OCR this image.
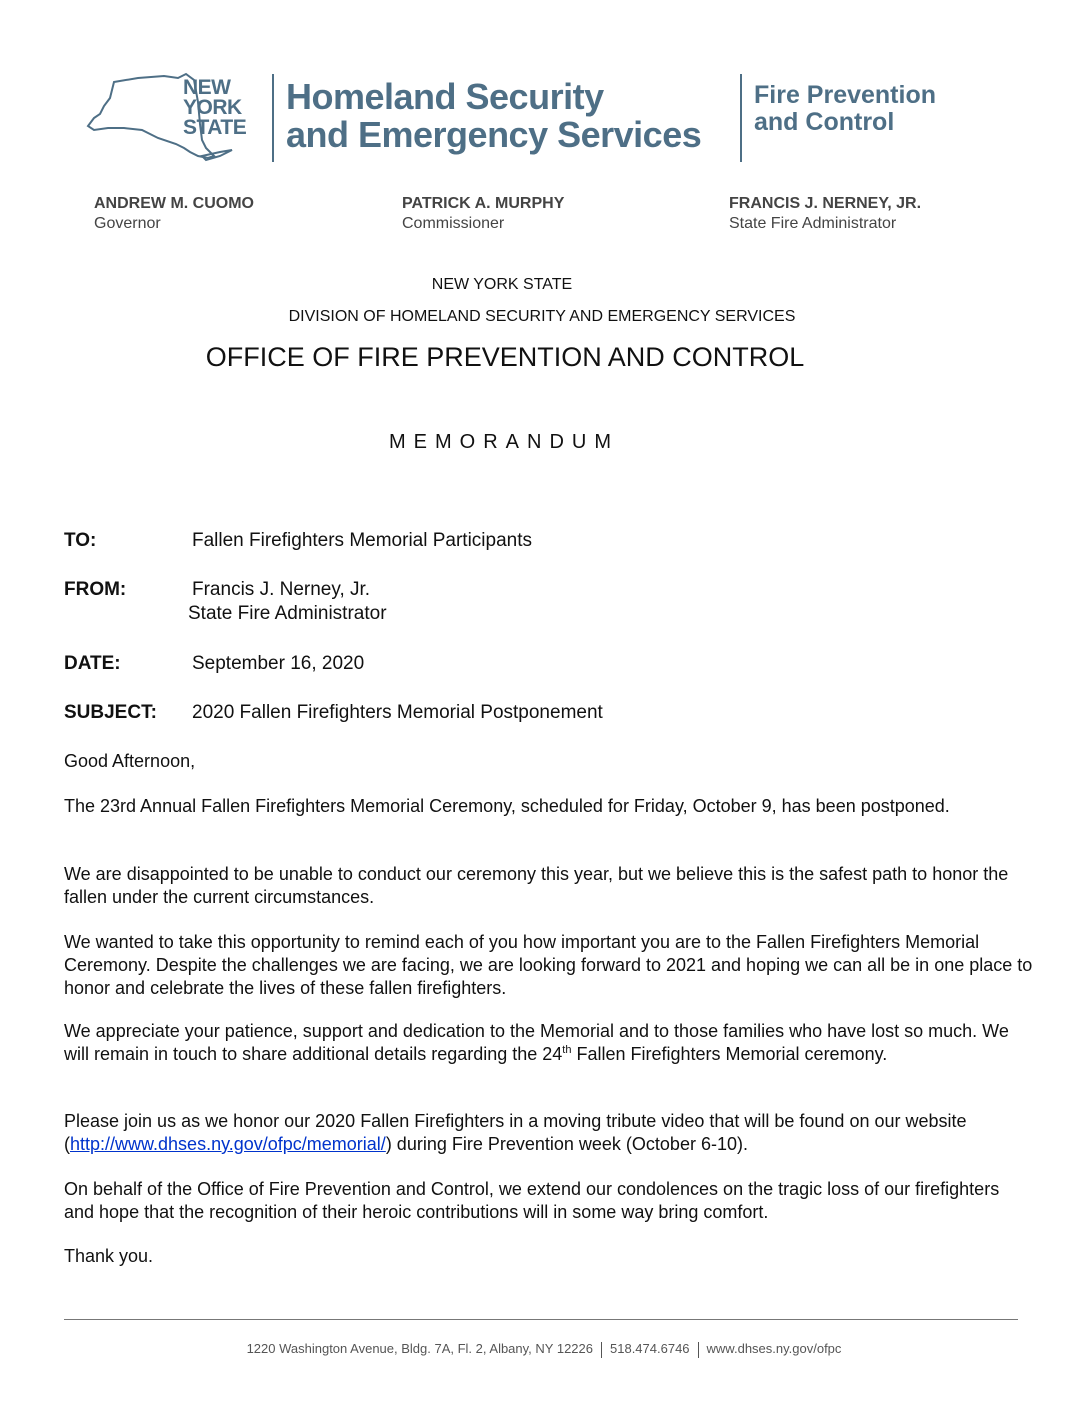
NEW
YORK
STATE
Homeland Security
and Emergency Services
Fire Prevention
and Control
ANDREW M. CUOMO
Governor
PATRICK A. MURPHY
Commissioner
FRANCIS J. NERNEY, JR.
State Fire Administrator
NEW YORK STATE
DIVISION OF HOMELAND SECURITY AND EMERGENCY SERVICES
OFFICE OF FIRE PREVENTION AND CONTROL
MEMORANDUM
TO:	Fallen Firefighters Memorial Participants
FROM:	Francis J. Nerney, Jr.
State Fire Administrator
DATE:	September 16, 2020
SUBJECT: 2020 Fallen Firefighters Memorial Postponement

Good Afternoon,

The 23rd Annual Fallen Firefighters Memorial Ceremony, scheduled for Friday, October 9, has been postponed.

We are disappointed to be unable to conduct our ceremony this year, but we believe this is the safest path to honor the fallen under the current circumstances.

We wanted to take this opportunity to remind each of you how important you are to the Fallen Firefighters Memorial Ceremony. Despite the challenges we are facing, we are looking forward to 2021 and hoping we can all be in one place to honor and celebrate the lives of these fallen firefighters.

We appreciate your patience, support and dedication to the Memorial and to those families who have lost so much. We will remain in touch to share additional details regarding the 24th Fallen Firefighters Memorial ceremony.

Please join us as we honor our 2020 Fallen Firefighters in a moving tribute video that will be found on our website (http://www.dhses.ny.gov/ofpc/memorial/) during Fire Prevention week (October 6-10).

On behalf of the Office of Fire Prevention and Control, we extend our condolences on the tragic loss of our firefighters and hope that the recognition of their heroic contributions will in some way bring comfort.

Thank you.

1220 Washington Avenue, Bldg. 7A, Fl. 2, Albany, NY 12226 518.474.6746 www.dhses.ny.gov/ofpc
